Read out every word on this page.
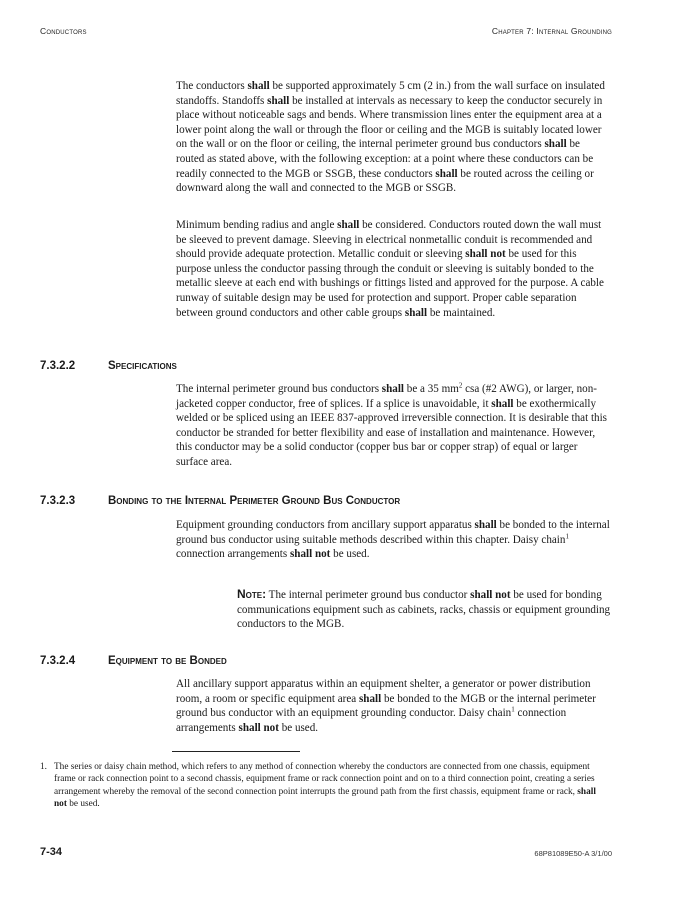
Conductors	Chapter 7: Internal Grounding

The conductors shall be supported approximately 5 cm (2 in.) from the wall surface on insulated standoffs. Standoffs shall be installed at intervals as necessary to keep the conductor securely in place without noticeable sags and bends. Where transmission lines enter the equipment area at a lower point along the wall or through the floor or ceiling and the MGB is suitably located lower on the wall or on the floor or ceiling, the internal perimeter ground bus conductors shall be routed as stated above, with the following exception: at a point where these conductors can be readily connected to the MGB or SSGB, these conductors shall be routed across the ceiling or downward along the wall and connected to the MGB or SSGB.

Minimum bending radius and angle shall be considered. Conductors routed down the wall must be sleeved to prevent damage. Sleeving in electrical nonmetallic conduit is recommended and should provide adequate protection. Metallic conduit or sleeving shall not be used for this purpose unless the conductor passing through the conduit or sleeving is suitably bonded to the metallic sleeve at each end with bushings or fittings listed and approved for the purpose. A cable runway of suitable design may be used for protection and support. Proper cable separation between ground conductors and other cable groups shall be maintained.

7.3.2.2	Specifications

The internal perimeter ground bus conductors shall be a 35 $mm^2$ csa (#2 AWG), or larger, non-jacketed copper conductor, free of splices. If a splice is unavoidable, it shall be exothermically welded or be spliced using an IEEE 837-approved irreversible connection. It is desirable that this conductor be stranded for better flexibility and ease of installation and maintenance. However, this conductor may be a solid conductor (copper bus bar or copper strap) of equal or larger surface area.

7.3.2.3	Bonding to the Internal Perimeter Ground Bus Conductor

Equipment grounding conductors from ancillary support apparatus shall be bonded to the internal ground bus conductor using suitable methods described within this chapter. Daisy chain$^1$ connection arrangements shall not be used.

Note: The internal perimeter ground bus conductor shall not be used for bonding communications equipment such as cabinets, racks, chassis or equipment grounding conductors to the MGB.

7.3.2.4	Equipment to be Bonded

All ancillary support apparatus within an equipment shelter, a generator or power distribution room, a room or specific equipment area shall be bonded to the MGB or the internal perimeter ground bus conductor with an equipment grounding conductor. Daisy chain$^1$ connection arrangements shall not be used.

1. The series or daisy chain method, which refers to any method of connection whereby the conductors are connected from one chassis, equipment frame or rack connection point to a second chassis, equipment frame or rack connection point and on to a third connection point, creating a series arrangement whereby the removal of the second connection point interrupts the ground path from the first chassis, equipment frame or rack, shall not be used.

7-34	68P81089E50-A 3/1/00
